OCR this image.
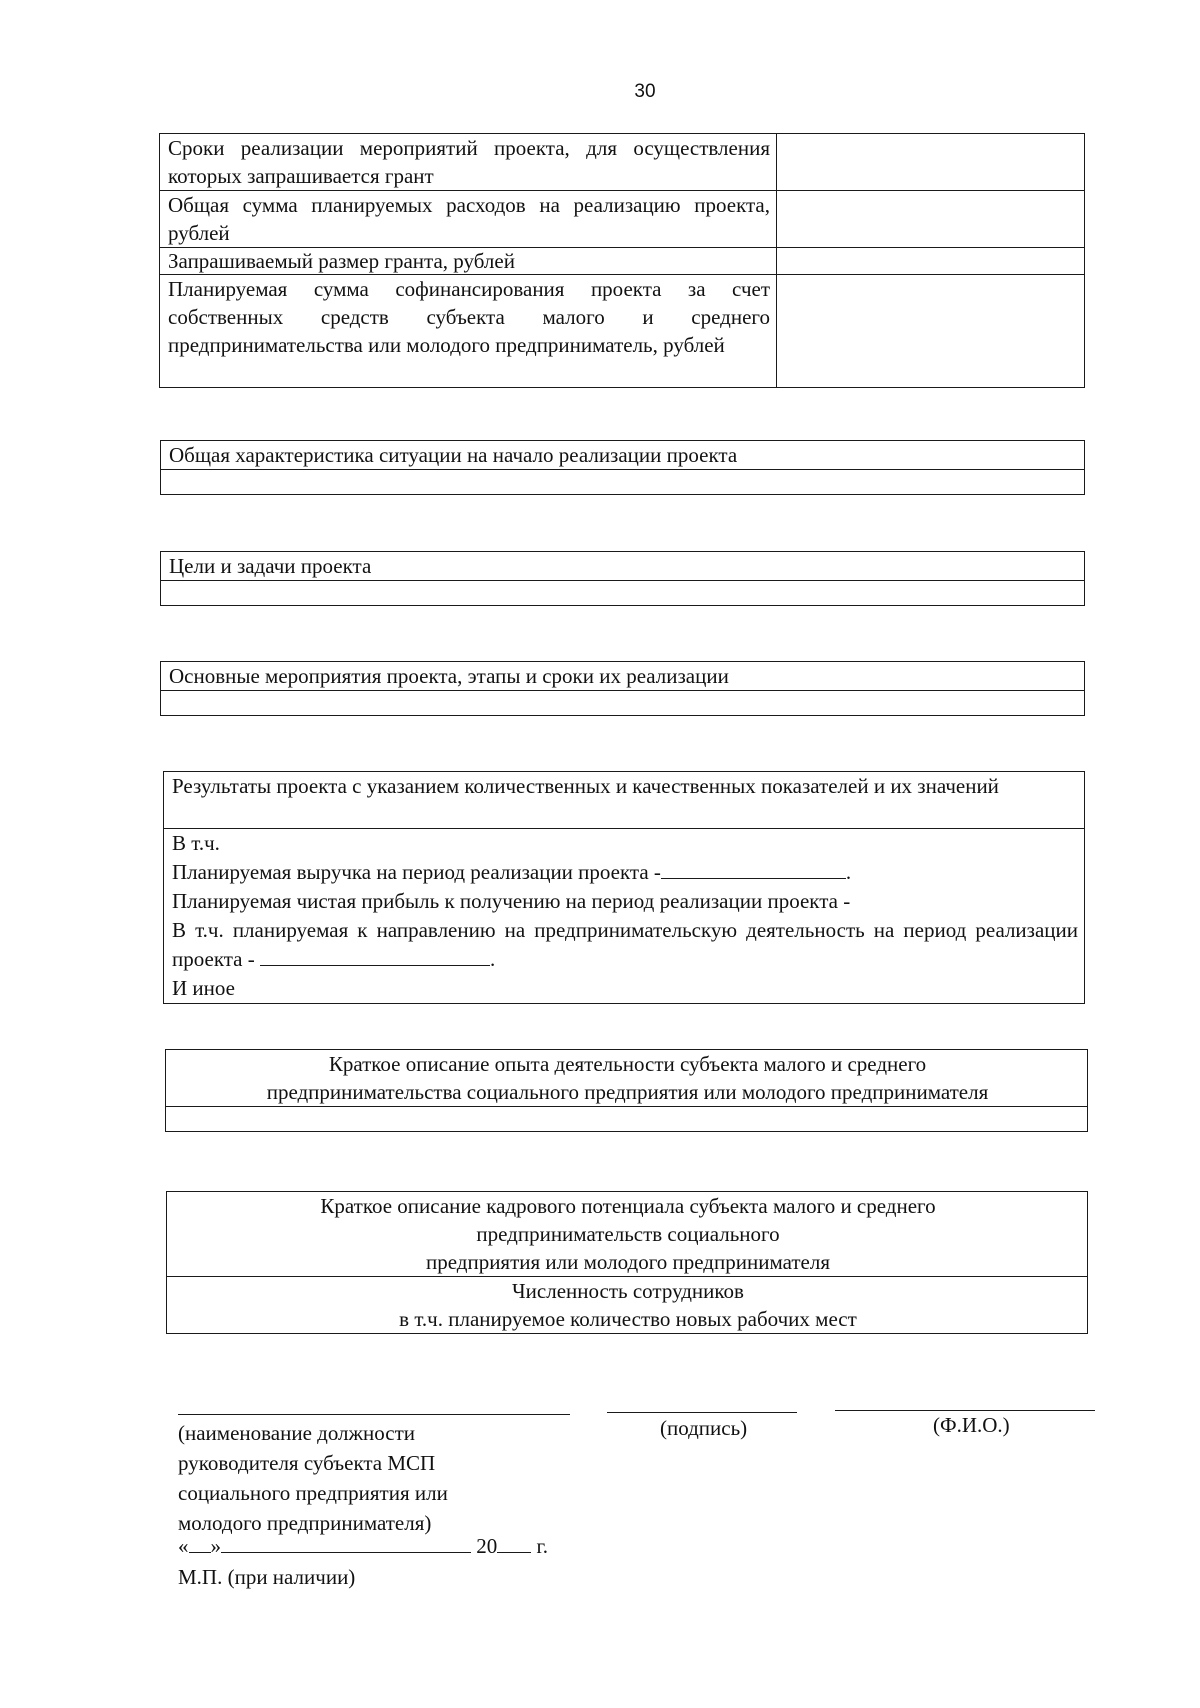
30
Сроки реализации мероприятий проекта, для осуществления которых запрашивается грант	
Общая сумма планируемых расходов на реализацию проекта, рублей	
Запрашиваемый размер гранта, рублей	
Планируемая сумма софинансирования проекта за счет собственных средств субъекта малого и среднего предпринимательства или молодого предприниматель, рублей	
Общая характеристика ситуации на начало реализации проекта

Цели и задачи проекта

Основные мероприятия проекта, этапы и сроки их реализации

Результаты проекта с указанием количественных и качественных показателей и их значений

В т.ч.
Планируемая выручка на период реализации проекта -	.
Планируемая чистая прибыль к получению на период реализации проекта -
В т.ч. планируемая к направлению на предпринимательскую деятельность на период реализации проекта -	.
И иное
Краткое описание опыта деятельности субъекта малого и среднего
предпринимательства социального предприятия или молодого предпринимателя

Краткое описание кадрового потенциала субъекта малого и среднего
предпринимательств социального
предприятия или молодого предпринимателя

Численность сотрудников
в т.ч. планируемое количество новых рабочих мест
(наименование должности руководителя субъекта МСП социального предприятия или молодого предпринимателя)
(подпись)	(Ф.И.О.)
« »	20 г.
М.П. (при наличии)
